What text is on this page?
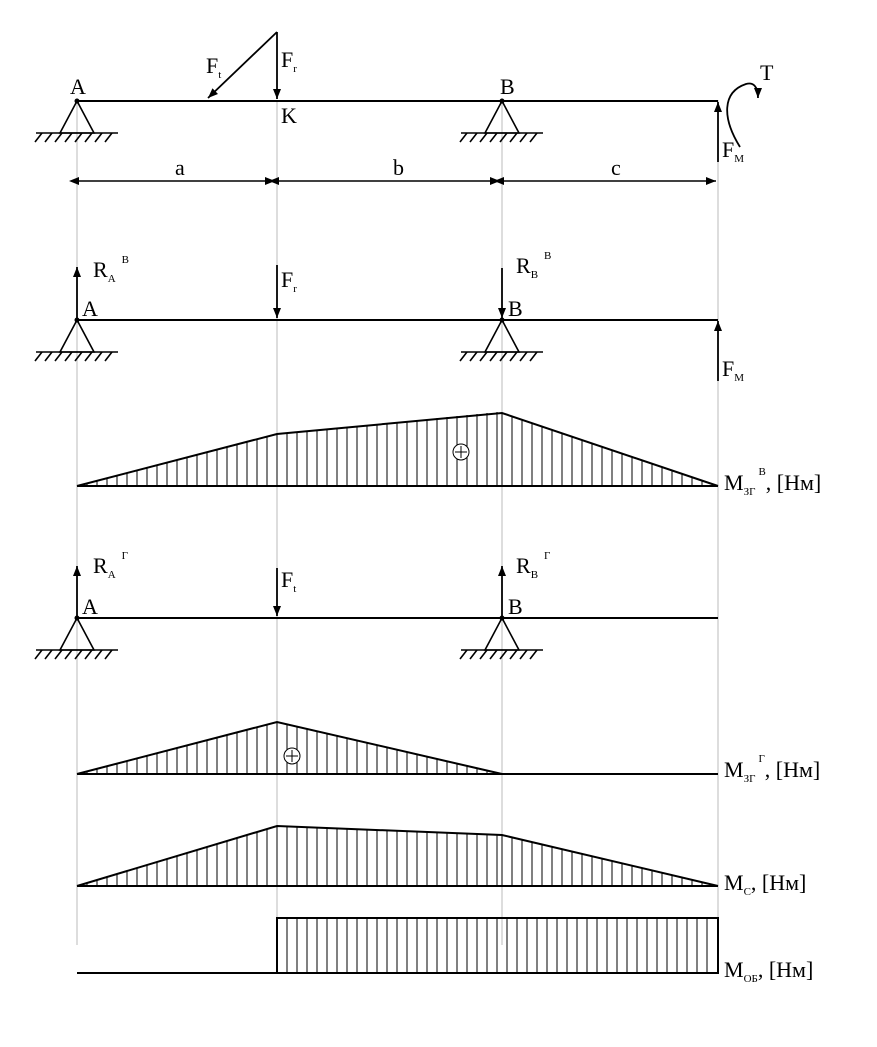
A
K
B
$F_t$
$F_r$
$F_M$
T
a	b	c
$R_A^B$
A
$F_r$
$R_B^B$
B
$F_M$
$M_{ЗГ}^В$, [Нм]
$R_A^Г$
A
$F_t$
$R_B^Г$
B
$M_{ЗГ}^Г$, [Нм]
$M_С$, [Нм]
$M_{ОБ}$, [Нм]
